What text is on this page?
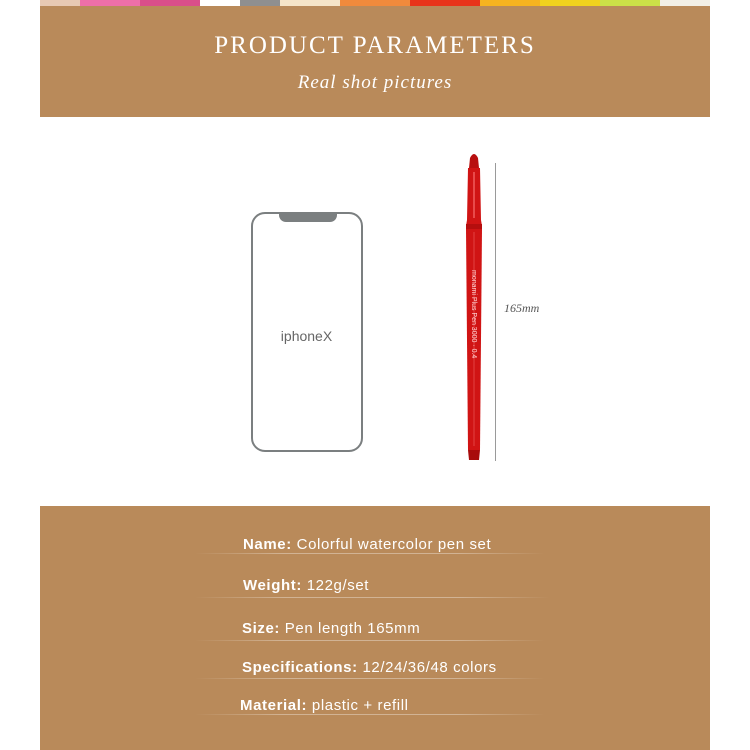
PRODUCT PARAMETERS
Real shot pictures
iphoneX	monami Plus Pen 3000 · 0.4 165mm
Name: Colorful watercolor pen set
Weight: 122g/set
Size: Pen length 165mm
Specifications: 12/24/36/48 colors
Material: plastic + refill
